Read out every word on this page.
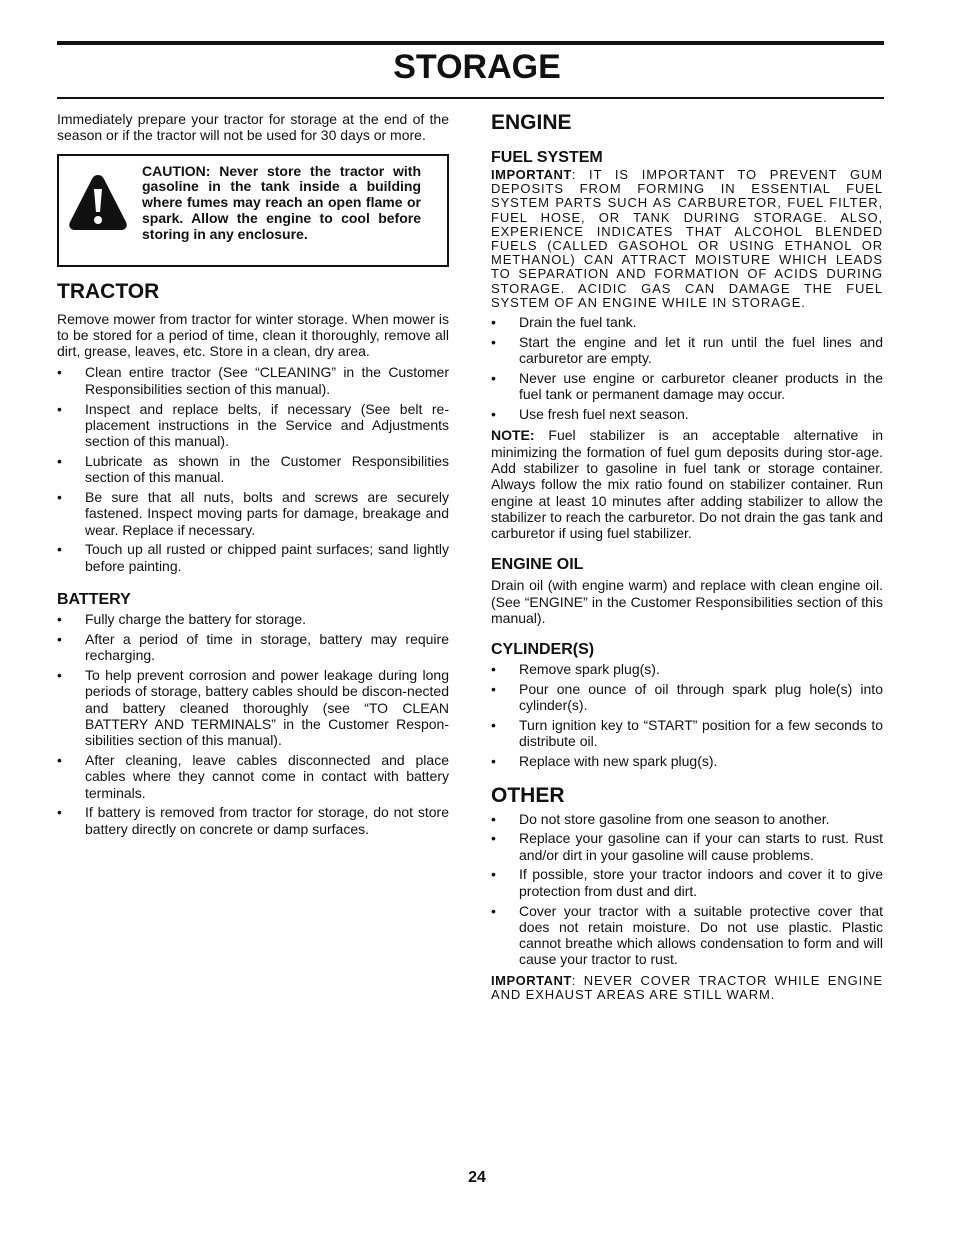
STORAGE

Immediately prepare your tractor for storage at the end of the season or if the tractor will not be used for 30 days or more.

CAUTION: Never store the tractor with gasoline in the tank inside a building where fumes may reach an open flame or spark. Allow the engine to cool before storing in any enclosure.

TRACTOR

Remove mower from tractor for winter storage. When mower is to be stored for a period of time, clean it thoroughly, remove all dirt, grease, leaves, etc. Store in a clean, dry area.

• Clean entire tractor (See “CLEANING” in the Customer Responsibilities section of this manual).
• Inspect and replace belts, if necessary (See belt re-placement instructions in the Service and Adjustments section of this manual).
• Lubricate as shown in the Customer Responsibilities section of this manual.
• Be sure that all nuts, bolts and screws are securely fastened. Inspect moving parts for damage, breakage and wear. Replace if necessary.
• Touch up all rusted or chipped paint surfaces; sand lightly before painting.
BATTERY
• Fully charge the battery for storage.
• After a period of time in storage, battery may require recharging.
• To help prevent corrosion and power leakage during long periods of storage, battery cables should be discon-nected and battery cleaned thoroughly (see “TO CLEAN BATTERY AND TERMINALS” in the Customer Respon-sibilities section of this manual).
• After cleaning, leave cables disconnected and place cables where they cannot come in contact with battery terminals.
• If battery is removed from tractor for storage, do not store battery directly on concrete or damp surfaces.
ENGINE
FUEL SYSTEM

IMPORTANT: IT IS IMPORTANT TO PREVENT GUM DEPOSITS FROM FORMING IN ESSENTIAL FUEL SYSTEM PARTS SUCH AS CARBURETOR, FUEL FILTER, FUEL HOSE, OR TANK DURING STORAGE. ALSO, EXPERIENCE INDICATES THAT ALCOHOL BLENDED FUELS (CALLED GASOHOL OR USING ETHANOL OR METHANOL) CAN ATTRACT MOISTURE WHICH LEADS TO SEPARATION AND FORMATION OF ACIDS DURING STORAGE. ACIDIC GAS CAN DAMAGE THE FUEL SYSTEM OF AN ENGINE WHILE IN STORAGE.

• Drain the fuel tank.
• Start the engine and let it run until the fuel lines and carburetor are empty.
• Never use engine or carburetor cleaner products in the fuel tank or permanent damage may occur.
• Use fresh fuel next season.

NOTE: Fuel stabilizer is an acceptable alternative in minimizing the formation of fuel gum deposits during stor-age. Add stabilizer to gasoline in fuel tank or storage container. Always follow the mix ratio found on stabilizer container. Run engine at least 10 minutes after adding stabilizer to allow the stabilizer to reach the carburetor. Do not drain the gas tank and carburetor if using fuel stabilizer.

ENGINE OIL

Drain oil (with engine warm) and replace with clean engine oil. (See “ENGINE” in the Customer Responsibilities section of this manual).

CYLINDER(S)
• Remove spark plug(s).
• Pour one ounce of oil through spark plug hole(s) into cylinder(s).
• Turn ignition key to “START” position for a few seconds to distribute oil.
• Replace with new spark plug(s).
OTHER
• Do not store gasoline from one season to another.
• Replace your gasoline can if your can starts to rust. Rust and/or dirt in your gasoline will cause problems.
• If possible, store your tractor indoors and cover it to give protection from dust and dirt.
• Cover your tractor with a suitable protective cover that does not retain moisture. Do not use plastic. Plastic cannot breathe which allows condensation to form and will cause your tractor to rust.

IMPORTANT: NEVER COVER TRACTOR WHILE ENGINE AND EXHAUST AREAS ARE STILL WARM.

24
